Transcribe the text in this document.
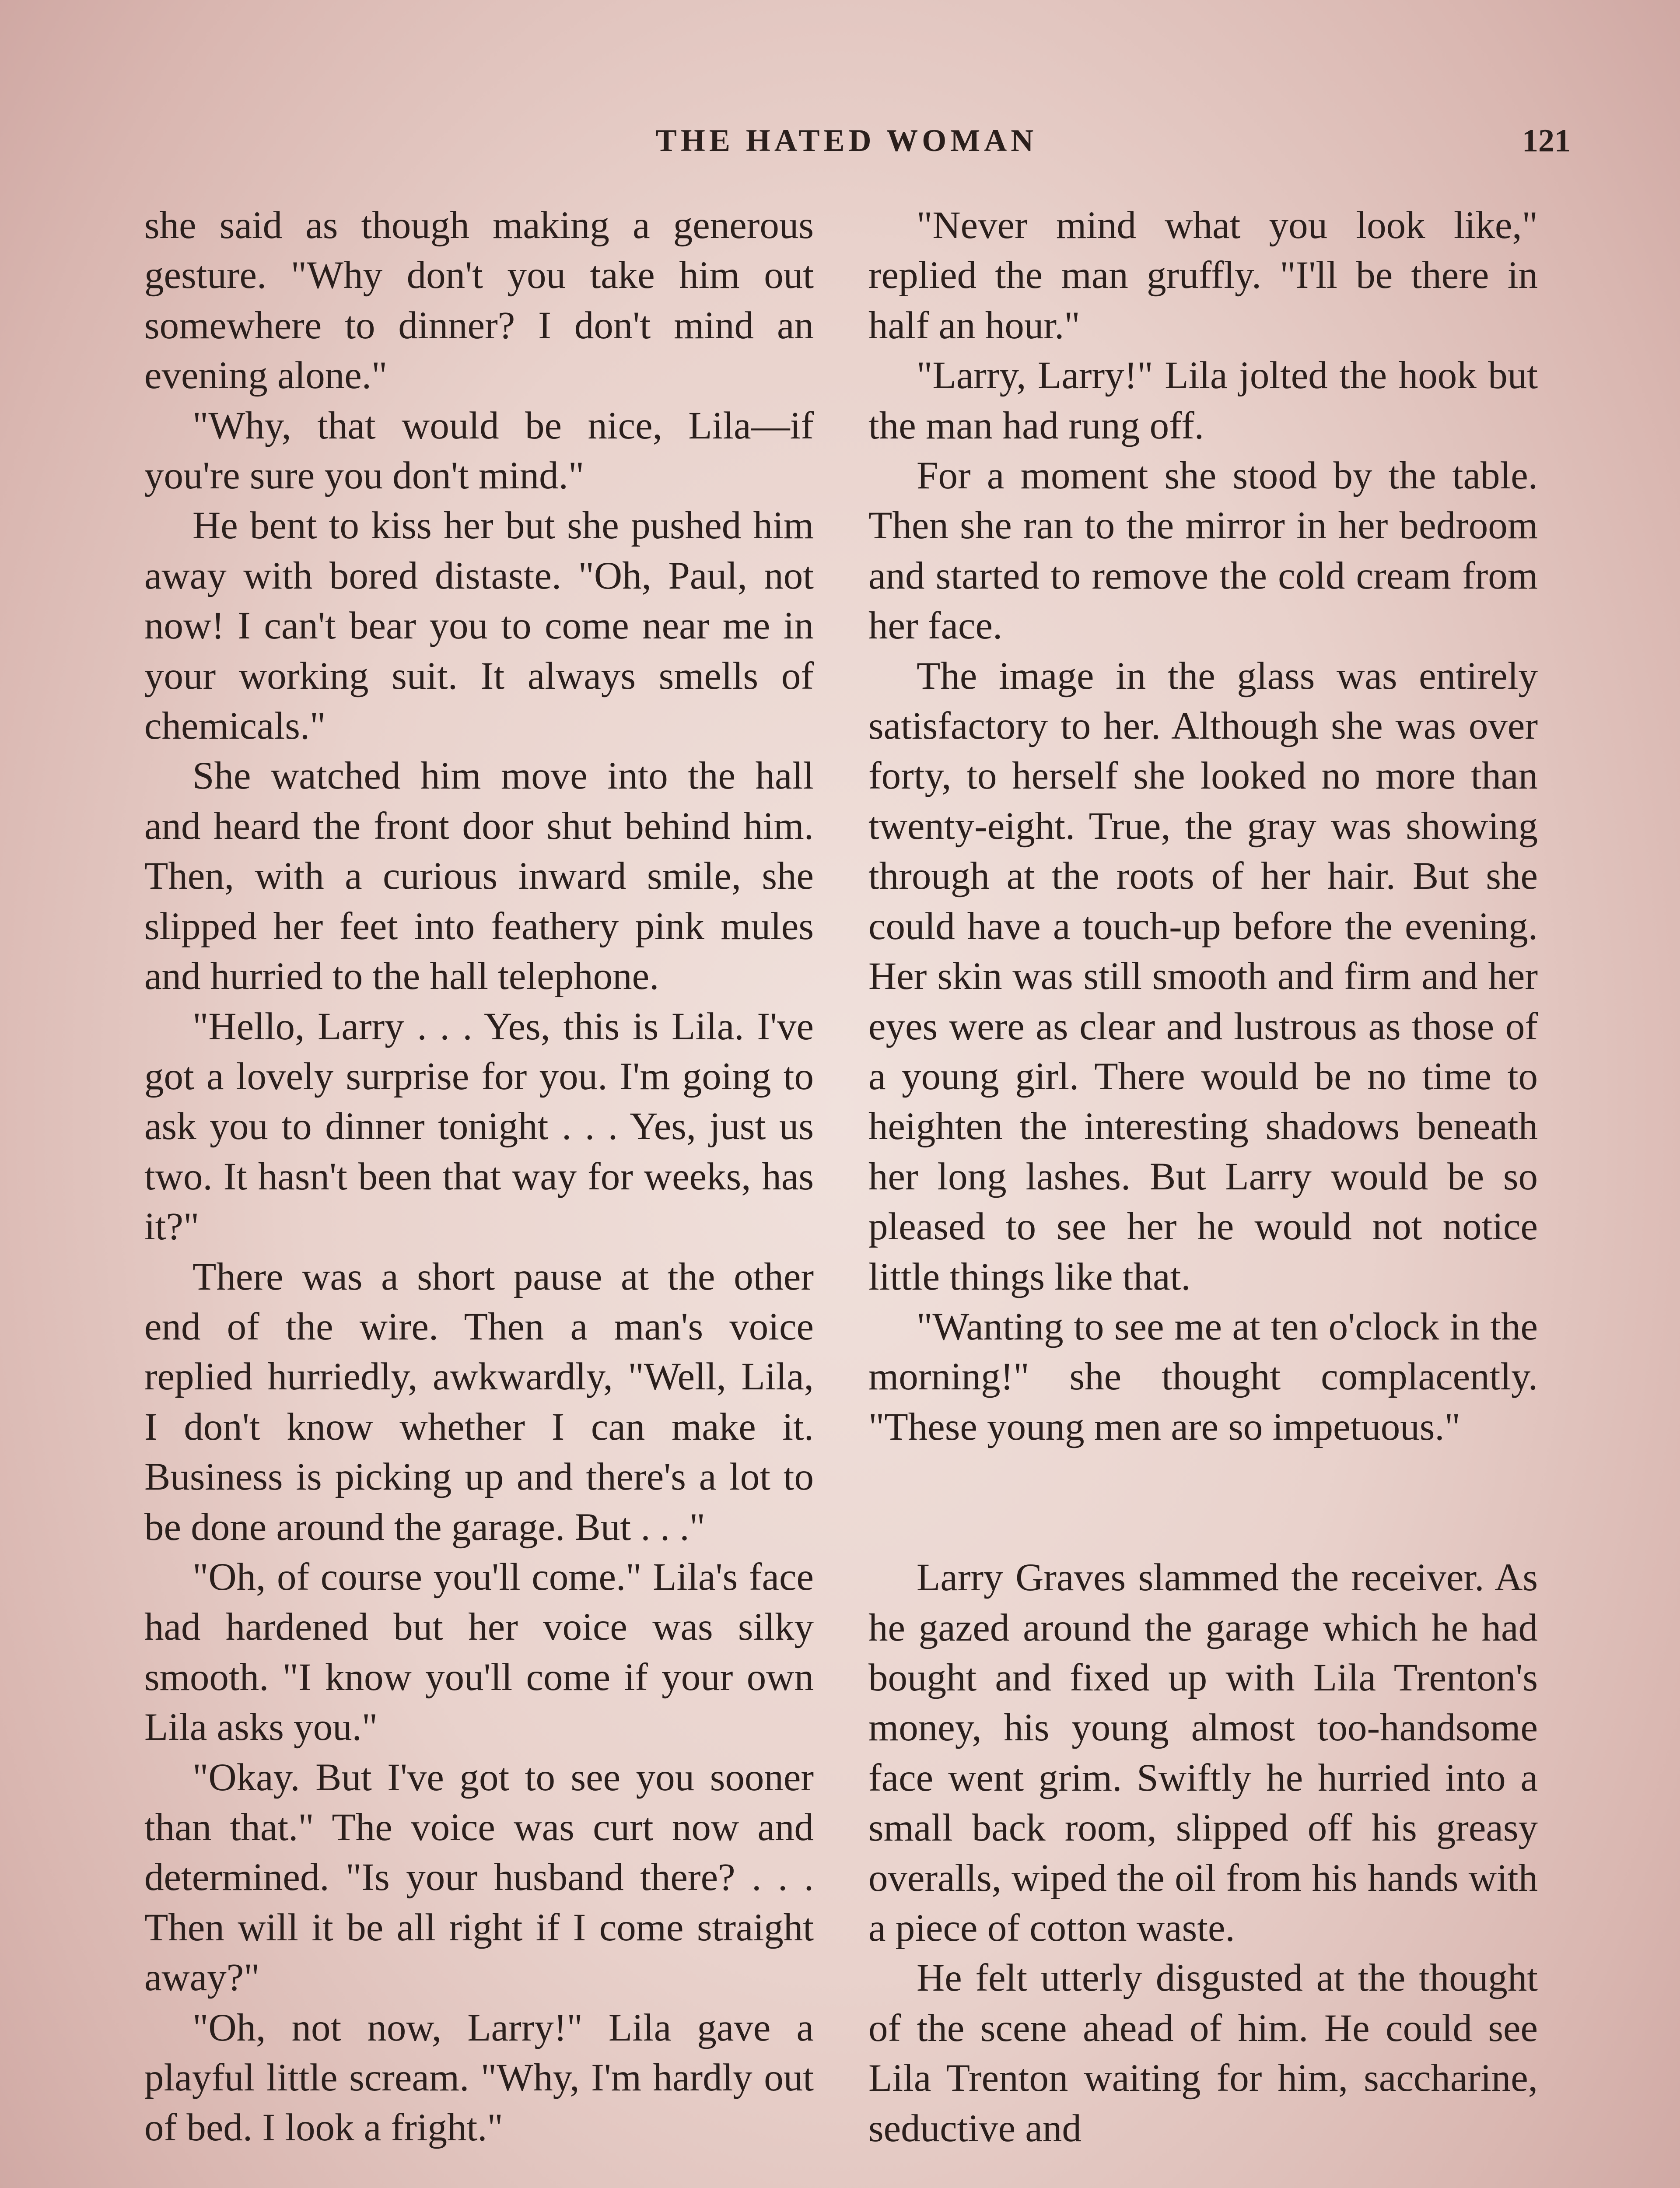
THE HATED WOMAN	121

she said as though making a generous gesture. "Why don't you take him out somewhere to dinner? I don't mind an evening alone."

"Why, that would be nice, Lila—if you're sure you don't mind."

He bent to kiss her but she pushed him away with bored distaste. "Oh, Paul, not now! I can't bear you to come near me in your working suit. It always smells of chemicals."

She watched him move into the hall and heard the front door shut behind him. Then, with a curious inward smile, she slipped her feet into feathery pink mules and hurried to the hall telephone.

"Hello, Larry . . . Yes, this is Lila. I've got a lovely surprise for you. I'm going to ask you to dinner tonight . . . Yes, just us two. It hasn't been that way for weeks, has it?"

There was a short pause at the other end of the wire. Then a man's voice replied hurriedly, awkwardly, "Well, Lila, I don't know whether I can make it. Business is picking up and there's a lot to be done around the garage. But . . ."

"Oh, of course you'll come." Lila's face had hardened but her voice was silky smooth. "I know you'll come if your own Lila asks you."

"Okay. But I've got to see you sooner than that." The voice was curt now and determined. "Is your husband there? . . . Then will it be all right if I come straight away?"

"Oh, not now, Larry!" Lila gave a playful little scream. "Why, I'm hardly out of bed. I look a fright."

"Never mind what you look like," replied the man gruffly. "I'll be there in half an hour."

"Larry, Larry!" Lila jolted the hook but the man had rung off.

For a moment she stood by the table. Then she ran to the mirror in her bedroom and started to remove the cold cream from her face.

The image in the glass was entirely satisfactory to her. Although she was over forty, to herself she looked no more than twenty-eight. True, the gray was showing through at the roots of her hair. But she could have a touch-up before the evening. Her skin was still smooth and firm and her eyes were as clear and lustrous as those of a young girl. There would be no time to heighten the interesting shadows beneath her long lashes. But Larry would be so pleased to see her he would not notice little things like that.

"Wanting to see me at ten o'clock in the morning!" she thought complacently. "These young men are so impetuous."

Larry Graves slammed the receiver. As he gazed around the garage which he had bought and fixed up with Lila Trenton's money, his young almost too-handsome face went grim. Swiftly he hurried into a small back room, slipped off his greasy overalls, wiped the oil from his hands with a piece of cotton waste.

He felt utterly disgusted at the thought of the scene ahead of him. He could see Lila Trenton waiting for him, saccharine, seductive and
